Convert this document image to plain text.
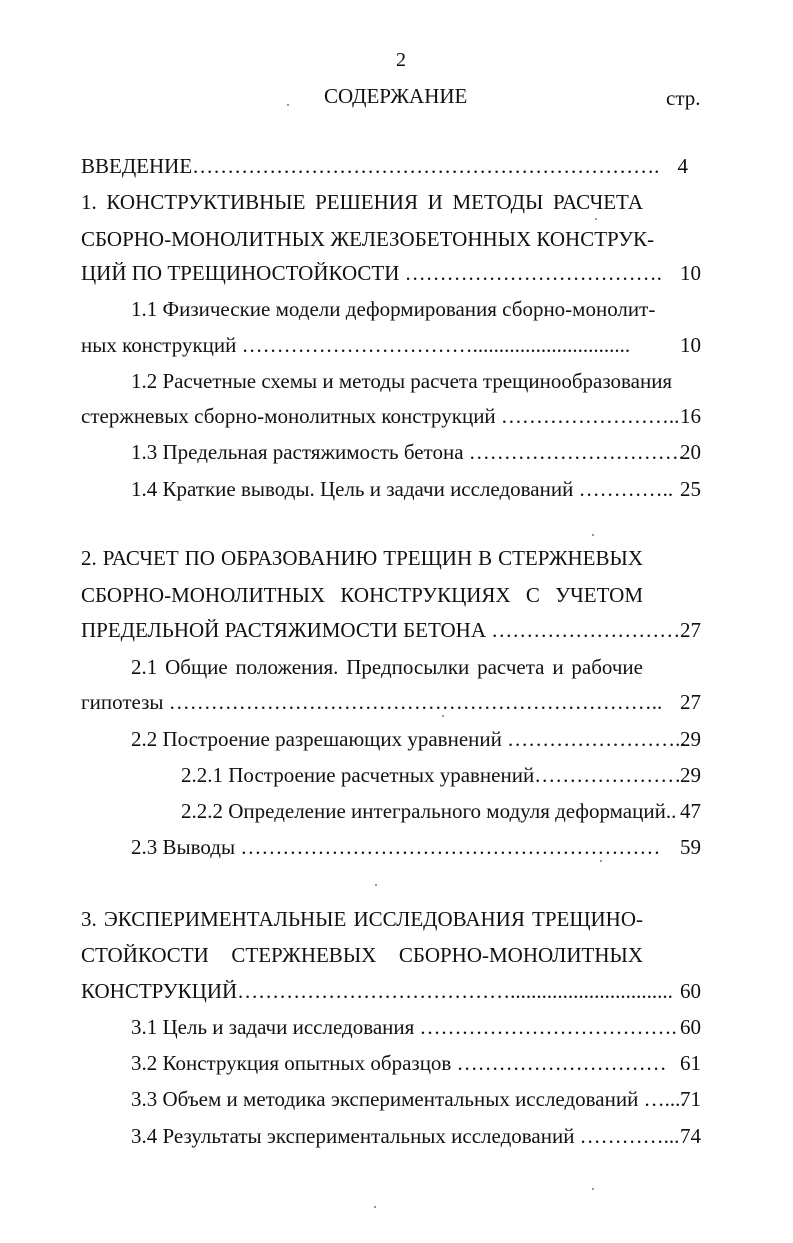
2
СОДЕРЖАНИЕ	стр.
ВВЕДЕНИЕ…………………………………………………………. 4
1. КОНСТРУКТИВНЫЕ РЕШЕНИЯ И МЕТОДЫ РАСЧЕТА
СБОРНО-МОНОЛИТНЫХ ЖЕЛЕЗОБЕТОННЫХ КОНСТРУК-
ЦИЙ ПО ТРЕЩИНОСТОЙКОСТИ ………………………………. 10
1.1 Физические модели деформирования сборно-монолит-
ных конструкций ……………………………..............................	10
1.2 Расчетные схемы и методы расчета трещинообразования
стержневых сборно-монолитных конструкций …………………….. 16
1.3 Предельная растяжимость бетона ………………………….
20
1.4 Краткие выводы. Цель и задачи исследований ………….. 25
2. РАСЧЕТ ПО ОБРАЗОВАНИЮ ТРЕЩИН В СТЕРЖНЕВЫХ
СБОРНО-МОНОЛИТНЫХ КОНСТРУКЦИЯХ С УЧЕТОМ
ПРЕДЕЛЬНОЙ РАСТЯЖИМОСТИ БЕТОНА ……………………… 27
2.1 Общие положения. Предпосылки расчета и рабочие
гипотезы …………………………………………………………….. 27
2.2 Построение разрешающих уравнений ……………………..
29
2.2.1 Построение расчетных уравнений…………………
29
2.2.2 Определение интегрального модуля деформаций.. 47
2.3 Выводы …………………………………………………… 59
3. ЭКСПЕРИМЕНТАЛЬНЫЕ ИССЛЕДОВАНИЯ ТРЕЩИНО-
СТОЙКОСТИ СТЕРЖНЕВЫХ СБОРНО-МОНОЛИТНЫХ
КОНСТРУКЦИЙ…………………………………............................... 60
3.1 Цель и задачи исследования ………………………………. 60
3.2 Конструкция опытных образцов ………………………… 61
3.3 Объем и методика экспериментальных исследований …....
71
3.4 Результаты экспериментальных исследований …………... 74
